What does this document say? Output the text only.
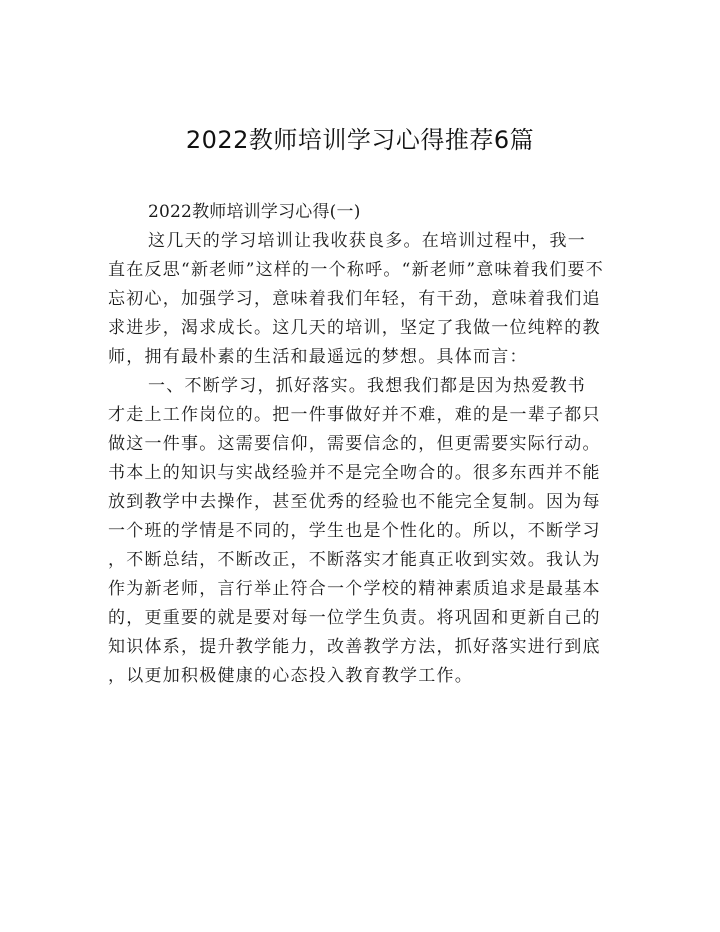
2022教师培训学习心得推荐6篇
2022教师培训学习心得(一)
这几天的学习培训让我收获良多。在培训过程中，我一
直在反思“新老师”这样的一个称呼。“新老师”意味着我们要不
忘初心，加强学习，意味着我们年轻，有干劲，意味着我们追
求进步，渴求成长。这几天的培训，坚定了我做一位纯粹的教
师，拥有最朴素的生活和最遥远的梦想。具体而言：
一、不断学习，抓好落实。我想我们都是因为热爱教书
才走上工作岗位的。把一件事做好并不难，难的是一辈子都只
做这一件事。这需要信仰，需要信念的，但更需要实际行动。
书本上的知识与实战经验并不是完全吻合的。很多东西并不能
放到教学中去操作，甚至优秀的经验也不能完全复制。因为每
一个班的学情是不同的，学生也是个性化的。所以，不断学习
，不断总结，不断改正，不断落实才能真正收到实效。我认为
作为新老师，言行举止符合一个学校的精神素质追求是最基本
的，更重要的就是要对每一位学生负责。将巩固和更新自己的
知识体系，提升教学能力，改善教学方法，抓好落实进行到底
，以更加积极健康的心态投入教育教学工作。
